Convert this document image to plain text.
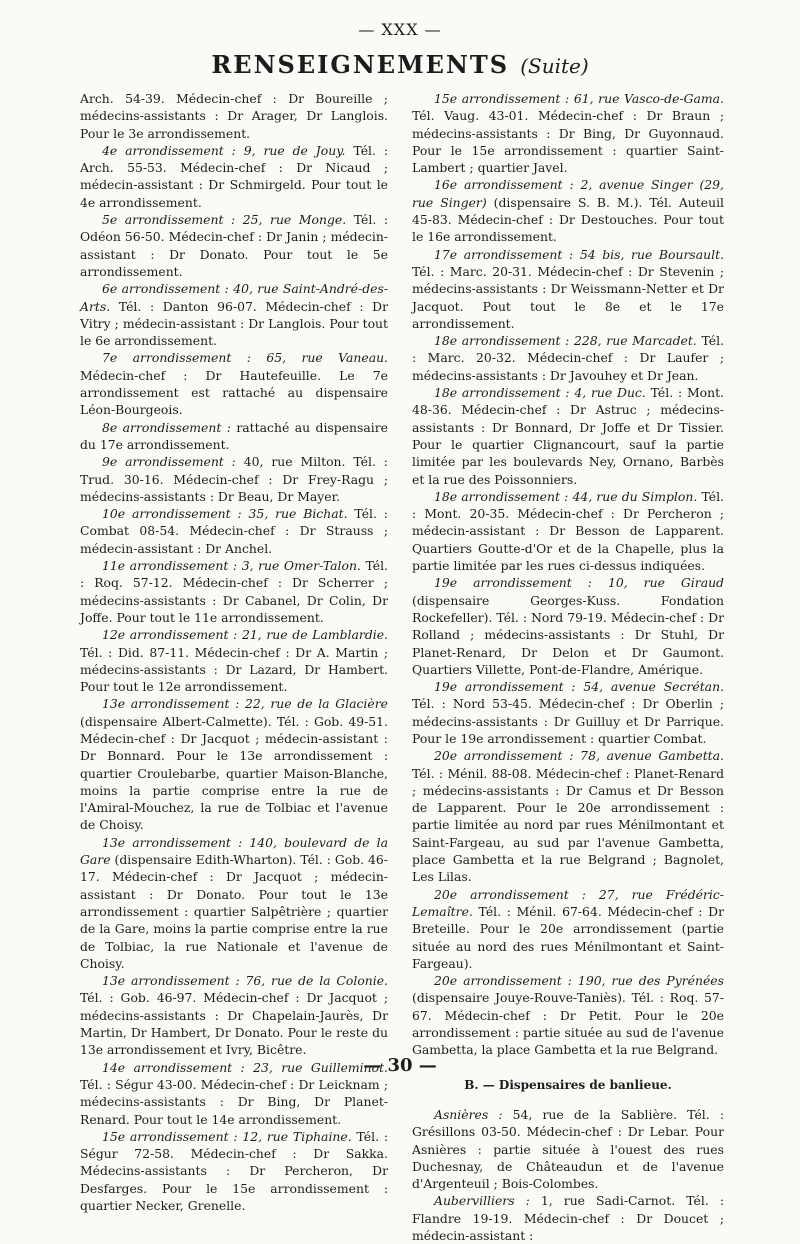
— XXX —
RENSEIGNEMENTS (Suite)

Arch. 54-39. Médecin-chef : Dr Boureille ; médecins-assistants : Dr Arager, Dr Langlois. Pour le 3e arrondissement.

4e arrondissement : 9, rue de Jouy. Tél. : Arch. 55-53. Médecin-chef : Dr Nicaud ; médecin-assistant : Dr Schmirgeld. Pour tout le 4e arrondissement.

5e arrondissement : 25, rue Monge. Tél. : Odéon 56-50. Médecin-chef : Dr Janin ; médecin-assistant : Dr Donato. Pour tout le 5e arrondissement.

6e arrondissement : 40, rue Saint-André-des-Arts. Tél. : Danton 96-07. Médecin-chef : Dr Vitry ; médecin-assistant : Dr Langlois. Pour tout le 6e arrondissement.

7e arrondissement : 65, rue Vaneau. Médecin-chef : Dr Hautefeuille. Le 7e arrondissement est rattaché au dispensaire Léon-Bourgeois.

8e arrondissement : rattaché au dispensaire du 17e arrondissement.

9e arrondissement : 40, rue Milton. Tél. : Trud. 30-16. Médecin-chef : Dr Frey-Ragu ; médecins-assistants : Dr Beau, Dr Mayer.

10e arrondissement : 35, rue Bichat. Tél. : Combat 08-54. Médecin-chef : Dr Strauss ; médecin-assistant : Dr Anchel.

11e arrondissement : 3, rue Omer-Talon. Tél. : Roq. 57-12. Médecin-chef : Dr Scherrer ; médecins-assistants : Dr Cabanel, Dr Colin, Dr Joffe. Pour tout le 11e arrondissement.

12e arrondissement : 21, rue de Lamblardie. Tél. : Did. 87-11. Médecin-chef : Dr A. Martin ; médecins-assistants : Dr Lazard, Dr Hambert. Pour tout le 12e arrondissement.

13e arrondissement : 22, rue de la Glacière (dispensaire Albert-Calmette). Tél. : Gob. 49-51. Médecin-chef : Dr Jacquot ; médecin-assistant : Dr Bonnard. Pour le 13e arrondissement : quartier Croulebarbe, quartier Maison-Blanche, moins la partie comprise entre la rue de l'Amiral-Mouchez, la rue de Tolbiac et l'avenue de Choisy.

13e arrondissement : 140, boulevard de la Gare (dispensaire Edith-Wharton). Tél. : Gob. 46-17. Médecin-chef : Dr Jacquot ; médecin-assistant : Dr Donato. Pour tout le 13e arrondissement : quartier Salpêtrière ; quartier de la Gare, moins la partie comprise entre la rue de Tolbiac, la rue Nationale et l'avenue de Choisy.

13e arrondissement : 76, rue de la Colonie. Tél. : Gob. 46-97. Médecin-chef : Dr Jacquot ; médecins-assistants : Dr Chapelain-Jaurès, Dr Martin, Dr Hambert, Dr Donato. Pour le reste du 13e arrondissement et Ivry, Bicêtre.

14e arrondissement : 23, rue Guilleminot. Tél. : Ségur 43-00. Médecin-chef : Dr Leicknam ; médecins-assistants : Dr Bing, Dr Planet-Renard. Pour tout le 14e arrondissement.

15e arrondissement : 12, rue Tiphaine. Tél. : Ségur 72-58. Médecin-chef : Dr Sakka. Médecins-assistants : Dr Percheron, Dr Desfarges. Pour le 15e arrondissement : quartier Necker, Grenelle.

15e arrondissement : 61, rue Vasco-de-Gama. Tél. Vaug. 43-01. Médecin-chef : Dr Braun ; médecins-assistants : Dr Bing, Dr Guyonnaud. Pour le 15e arrondissement : quartier Saint-Lambert ; quartier Javel.

16e arrondissement : 2, avenue Singer (29, rue Singer) (dispensaire S. B. M.). Tél. Auteuil 45-83. Médecin-chef : Dr Destouches. Pour tout le 16e arrondissement.

17e arrondissement : 54 bis, rue Boursault. Tél. : Marc. 20-31. Médecin-chef : Dr Stevenin ; médecins-assistants : Dr Weissmann-Netter et Dr Jacquot. Pout tout le 8e et le 17e arrondissement.

18e arrondissement : 228, rue Marcadet. Tél. : Marc. 20-32. Médecin-chef : Dr Laufer ; médecins-assistants : Dr Javouhey et Dr Jean.

18e arrondissement : 4, rue Duc. Tél. : Mont. 48-36. Médecin-chef : Dr Astruc ; médecins-assistants : Dr Bonnard, Dr Joffe et Dr Tissier. Pour le quartier Clignancourt, sauf la partie limitée par les boulevards Ney, Ornano, Barbès et la rue des Poissonniers.

18e arrondissement : 44, rue du Simplon. Tél. : Mont. 20-35. Médecin-chef : Dr Percheron ; médecin-assistant : Dr Besson de Lapparent. Quartiers Goutte-d'Or et de la Chapelle, plus la partie limitée par les rues ci-dessus indiquées.

19e arrondissement : 10, rue Giraud (dispensaire Georges-Kuss. Fondation Rockefeller). Tél. : Nord 79-19. Médecin-chef : Dr Rolland ; médecins-assistants : Dr Stuhl, Dr Planet-Renard, Dr Delon et Dr Gaumont. Quartiers Villette, Pont-de-Flandre, Amérique.

19e arrondissement : 54, avenue Secrétan. Tél. : Nord 53-45. Médecin-chef : Dr Oberlin ; médecins-assistants : Dr Guilluy et Dr Parrique. Pour le 19e arrondissement : quartier Combat.

20e arrondissement : 78, avenue Gambetta. Tél. : Ménil. 88-08. Médecin-chef : Planet-Renard ; médecins-assistants : Dr Camus et Dr Besson de Lapparent. Pour le 20e arrondissement : partie limitée au nord par rues Ménilmontant et Saint-Fargeau, au sud par l'avenue Gambetta, place Gambetta et la rue Belgrand ; Bagnolet, Les Lilas.

20e arrondissement : 27, rue Frédéric-Lemaître. Tél. : Ménil. 67-64. Médecin-chef : Dr Breteille. Pour le 20e arrondissement (partie située au nord des rues Ménilmontant et Saint-Fargeau).

20e arrondissement : 190, rue des Pyrénées (dispensaire Jouye-Rouve-Taniès). Tél. : Roq. 57-67. Médecin-chef : Dr Petit. Pour le 20e arrondissement : partie située au sud de l'avenue Gambetta, la place Gambetta et la rue Belgrand.

B. — Dispensaires de banlieue.

Asnières : 54, rue de la Sablière. Tél. : Grésillons 03-50. Médecin-chef : Dr Lebar. Pour Asnières : partie située à l'ouest des rues Duchesnay, de Châteaudun et de l'avenue d'Argenteuil ; Bois-Colombes.

Aubervilliers : 1, rue Sadi-Carnot. Tél. : Flandre 19-19. Médecin-chef : Dr Doucet ; médecin-assistant :

— 30 —
